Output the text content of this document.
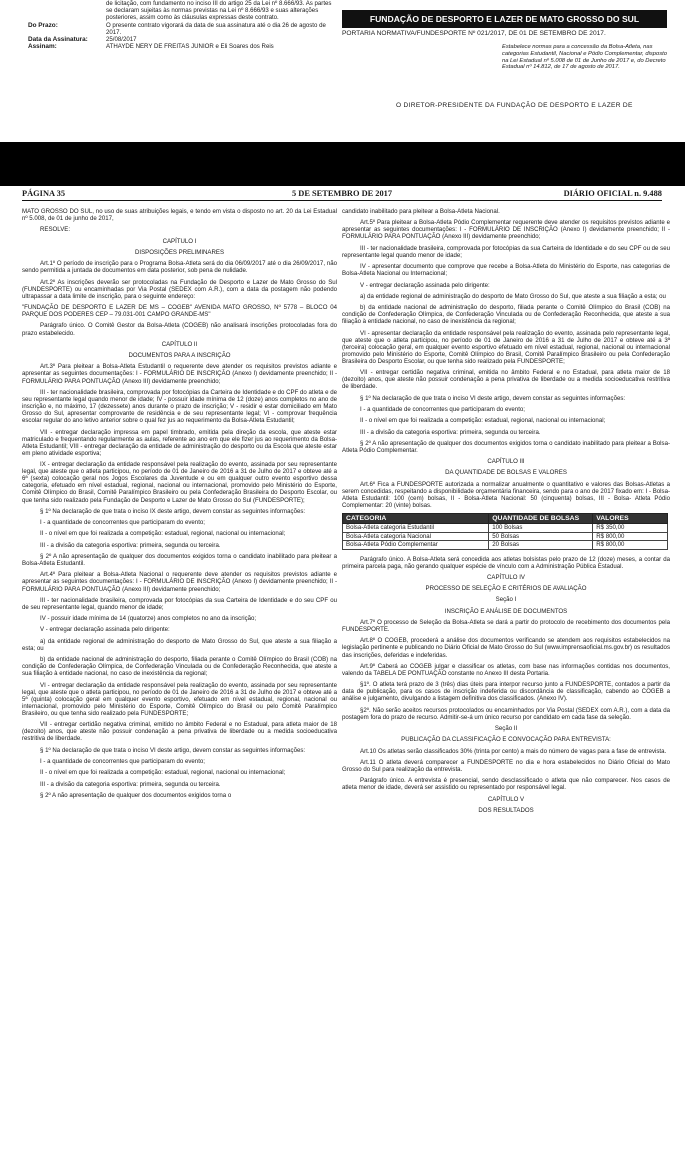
de licitação, com fundamento no inciso III do artigo 25 da Lei nº 8.666/93. As partes se declaram sujeitas às normas previstas na Lei nº 8.666/93 e suas alterações posteriores, assim como às cláusulas expressas deste contrato.
Do Prazo:	O presente contrato vigorará da data de sua assinatura até o dia 26 de agosto de 2017.
Data da Assinatura:	25/08/2017
Assinam:	ATHAYDE NERY DE FREITAS JUNIOR e Eli Soares dos Reis
FUNDAÇÃO DE DESPORTO E LAZER DE MATO GROSSO DO SUL
PORTARIA NORMATIVA/FUNDESPORTE Nº 021/2017, DE 01 DE SETEMBRO DE 2017.
Estabelece normas para a concessão da Bolsa-Atleta, nas categorias Estudantil, Nacional e Pódio Complementar, disposto na Lei Estadual nº 5.008 de 01 de Junho de 2017 e, do Decreto Estadual nº 14.812, de 17 de agosto de 2017.
O DIRETOR-PRESIDENTE DA FUNDAÇÃO DE DESPORTO E LAZER DE
PÁGINA 35	5 DE SETEMBRO DE 2017	DIÁRIO OFICIAL n. 9.488

MATO GROSSO DO SUL, no uso de suas atribuições legais, e tendo em vista o disposto no art. 20 da Lei Estadual nº 5.008, de 01 de junho de 2017,

RESOLVE:

CAPÍTULO I

DISPOSIÇÕES PRELIMINARES

Art.1º O período de inscrição para o Programa Bolsa-Atleta será do dia 06/09/2017 até o dia 26/09/2017, não sendo permitida a juntada de documentos em data posterior, sob pena de nulidade.

Art.2º As inscrições deverão ser protocoladas na Fundação de Desporto e Lazer de Mato Grosso do Sul (FUNDESPORTE) ou encaminhadas por Via Postal (SEDEX com A.R.), com a data da postagem não podendo ultrapassar a data limite de inscrição, para o seguinte endereço:

"FUNDAÇÃO DE DESPORTO E LAZER DE MS – COGEB" AVENIDA MATO GROSSO, Nº 5778 – BLOCO 04 PARQUE DOS PODERES CEP – 79.031-001 CAMPO GRANDE-MS"

Parágrafo único. O Comitê Gestor da Bolsa-Atleta (COGEB) não analisará inscrições protocoladas fora do prazo estabelecido.

CAPÍTULO II

DOCUMENTOS PARA A INSCRIÇÃO

Art.3º Para pleitear a Bolsa-Atleta Estudantil o requerente deve atender os requisitos previstos adiante e apresentar as seguintes documentações: I - FORMULÁRIO DE INSCRIÇÃO (Anexo I) devidamente preenchido; II - FORMULÁRIO PARA PONTUAÇÃO (Anexo III) devidamente preenchido;

III - ter nacionalidade brasileira, comprovada por fotocópias da Carteira de Identidade e do CPF do atleta e de seu representante legal quando menor de idade; IV - possuir idade mínima de 12 (doze) anos completos no ano de inscrição e, no máximo, 17 (dezessete) anos durante o prazo de inscrição; V - residir e estar domiciliado em Mato Grosso do Sul, apresentar comprovante de residência e de seu representante legal; VI - comprovar frequência escolar regular do ano letivo anterior sobre o qual fez jus ao requerimento da Bolsa-Atleta Estudantil;

VII - entregar declaração impressa em papel timbrado, emitida pela direção da escola, que ateste estar matriculado e frequentando regularmente as aulas, referente ao ano em que ele fizer jus ao requerimento da Bolsa-Atleta Estudantil; VIII - entregar declaração da entidade de administração do desporto ou da Escola que ateste estar em pleno atividade esportiva;

IX - entregar declaração da entidade responsável pela realização do evento, assinada por seu representante legal, que ateste que o atleta participou, no período de 01 de Janeiro de 2016 a 31 de Julho de 2017 e obteve até a 6ª (sexta) colocação geral nos Jogos Escolares da Juventude e ou em qualquer outro evento esportivo dessa categoria, efetuado em nível estadual, regional, nacional ou internacional, promovido pelo Ministério do Esporte, Comitê Olímpico do Brasil, Comitê Paralímpico Brasileiro ou pela Confederação Brasileira do Desporto Escolar, ou que tenha sido realizado pela Fundação de Desporto e Lazer de Mato Grosso do Sul (FUNDESPORTE);

§ 1º Na declaração de que trata o inciso IX deste artigo, devem constar as seguintes informações:

I - a quantidade de concorrentes que participaram do evento;

II - o nível em que foi realizada a competição: estadual, regional, nacional ou internacional;

III - a divisão da categoria esportiva: primeira, segunda ou terceira.

§ 2º A não apresentação de qualquer dos documentos exigidos torna o candidato inabilitado para pleitear a Bolsa-Atleta Estudantil.

Art.4º Para pleitear a Bolsa-Atleta Nacional o requerente deve atender os requisitos previstos adiante e apresentar as seguintes documentações: I - FORMULÁRIO DE INSCRIÇÃO (Anexo I) devidamente preenchido; II - FORMULÁRIO PARA PONTUAÇÃO (Anexo III) devidamente preenchido;

III - ter nacionalidade brasileira, comprovada por fotocópias da sua Carteira de Identidade e do seu CPF ou de seu representante legal, quando menor de idade;

IV - possuir idade mínima de 14 (quatorze) anos completos no ano da inscrição;

V - entregar declaração assinada pelo dirigente:

a) da entidade regional de administração do desporto de Mato Grosso do Sul, que ateste a sua filiação a esta; ou

b) da entidade nacional de administração do desporto, filiada perante o Comitê Olímpico do Brasil (COB) na condição de Confederação Olímpica, de Confederação Vinculada ou de Confederação Reconhecida, que ateste a sua filiação à entidade nacional, no caso de inexistência da regional;

VI - entregar declaração da entidade responsável pela realização do evento, assinada por seu representante legal, que ateste que o atleta participou, no período de 01 de Janeiro de 2016 a 31 de Julho de 2017 e obteve até a 5ª (quinta) colocação geral em qualquer evento esportivo, efetuado em nível estadual, regional, nacional ou internacional, promovido pelo Ministério do Esporte, Comitê Olímpico do Brasil ou pelo Comitê Paralímpico Brasileiro, ou que tenha sido realizado pela FUNDESPORTE;

VII - entregar certidão negativa criminal, emitido no âmbito Federal e no Estadual, para atleta maior de 18 (dezoito) anos, que ateste não possuir condenação a pena privativa de liberdade ou a medida socioeducativa restritiva de liberdade.

§ 1º Na declaração de que trata o inciso VI deste artigo, devem constar as seguintes informações:

I - a quantidade de concorrentes que participaram do evento;

II - o nível em que foi realizada a competição: estadual, regional, nacional ou internacional;

III - a divisão da categoria esportiva: primeira, segunda ou terceira.

§ 2º A não apresentação de qualquer dos documentos exigidos torna o

candidato inabilitado para pleitear a Bolsa-Atleta Nacional.

Art.5º Para pleitear a Bolsa-Atleta Pódio Complementar requerente deve atender os requisitos previstos adiante e apresentar as seguintes documentações: I - FORMULÁRIO DE INSCRIÇÃO (Anexo I) devidamente preenchido; II - FORMULÁRIO PARA PONTUAÇÃO (Anexo III) devidamente preenchido;

III - ter nacionalidade brasileira, comprovada por fotocópias da sua Carteira de Identidade e do seu CPF ou de seu representante legal quando menor de idade;

IV - apresentar documento que comprove que recebe a Bolsa-Atleta do Ministério do Esporte, nas categorias de Bolsa-Atleta Nacional ou Internacional;

V - entregar declaração assinada pelo dirigente:

a) da entidade regional de administração do desporto de Mato Grosso do Sul, que ateste a sua filiação a esta; ou

b) da entidade nacional de administração do desporto, filiada perante o Comitê Olímpico do Brasil (COB) na condição de Confederação Olímpica, de Confederação Vinculada ou de Confederação Reconhecida, que ateste a sua filiação à entidade nacional, no caso de inexistência da regional;

VI - apresentar declaração da entidade responsável pela realização do evento, assinada pelo representante legal, que ateste que o atleta participou, no período de 01 de Janeiro de 2016 a 31 de Julho de 2017 e obteve até a 3ª (terceira) colocação geral, em qualquer evento esportivo efetuado em nível estadual, regional, nacional ou internacional promovido pelo Ministério do Esporte, Comitê Olímpico do Brasil, Comitê Paralímpico Brasileiro ou pela Confederação Brasileira do Desporto Escolar, ou que tenha sido realizado pela FUNDESPORTE;

VII - entregar certidão negativa criminal, emitida no âmbito Federal e no Estadual, para atleta maior de 18 (dezoito) anos, que ateste não possuir condenação a pena privativa de liberdade ou a medida socioeducativa restritiva de liberdade.

§ 1º Na declaração de que trata o inciso VI deste artigo, devem constar as seguintes informações:

I - a quantidade de concorrentes que participaram do evento;

II - o nível em que foi realizada a competição: estadual, regional, nacional ou internacional;

III - a divisão da categoria esportiva: primeira, segunda ou terceira.

§ 2º A não apresentação de qualquer dos documentos exigidos torna o candidato inabilitado para pleitear a Bolsa-Atleta Pódio Complementar.

CAPÍTULO III

DA QUANTIDADE DE BOLSAS E VALORES

Art.6º Fica a FUNDESPORTE autorizada a normalizar anualmente o quantitativo e valores das Bolsas-Atletas a serem concedidas, respeitando a disponibilidade orçamentária financeira, sendo para o ano de 2017 fixado em: I - Bolsa-Atleta Estudantil: 100 (cem) bolsas, II - Bolsa-Atleta Nacional: 50 (cinquenta) bolsas, III - Bolsa- Atleta Pódio Complementar: 20 (vinte) bolsas.

CATEGORIA	QUANTIDADE DE BOLSAS	VALORES
Bolsa-Atleta categoria Estudantil	100 Bolsas	R$ 350,00
Bolsa-Atleta categoria Nacional	50 Bolsas	R$ 800,00
Bolsa-Atleta Pódio Complementar	20 Bolsas	R$ 800,00

Parágrafo único. A Bolsa-Atleta será concedida aos atletas bolsistas pelo prazo de 12 (doze) meses, a contar da primeira parcela paga, não gerando qualquer espécie de vínculo com a Administração Pública Estadual.

CAPÍTULO IV

PROCESSO DE SELEÇÃO E CRITÉRIOS DE AVALIAÇÃO

Seção I

INSCRIÇÃO E ANÁLISE DE DOCUMENTOS

Art.7º O processo de Seleção da Bolsa-Atleta se dará a partir do protocolo de recebimento dos documentos pela FUNDESPORTE.

Art.8º O COGEB, procederá a análise dos documentos verificando se atendem aos requisitos estabelecidos na legislação pertinente e publicando no Diário Oficial de Mato Grosso do Sul (www.imprensaoficial.ms.gov.br) os resultados das inscrições, deferidas e indeferidas.

Art.9º Caberá ao COGEB julgar e classificar os atletas, com base nas informações contidas nos documentos, valendo da TABELA DE PONTUAÇÃO constante no Anexo III desta Portaria.

§1º. O atleta terá prazo de 3 (três) dias úteis para interpor recurso junto a FUNDESPORTE, contados a partir da data de publicação, para os casos de inscrição indeferida ou discordância de classificação, cabendo ao COGEB a análise e julgamento, divulgando a listagem definitiva dos classificados. (Anexo IV).

§2º. Não serão aceitos recursos protocolados ou encaminhados por Via Postal (SEDEX com A.R.), com a data da postagem fora do prazo de recurso. Admitir-se-á um único recurso por candidato em cada fase da seleção.

Seção II

PUBLICAÇÃO DA CLASSIFICAÇÃO E CONVOCAÇÃO PARA ENTREVISTA:

Art.10 Os atletas serão classificados 30% (trinta por cento) a mais do número de vagas para a fase de entrevista.

Art.11 O atleta deverá comparecer a FUNDESPORTE no dia e hora estabelecidos no Diário Oficial do Mato Grosso do Sul para realização da entrevista.

Parágrafo único. A entrevista é presencial, sendo desclassificado o atleta que não comparecer. Nos casos de atleta menor de idade, deverá ser assistido ou representado por responsável legal.

CAPÍTULO V

DOS RESULTADOS
